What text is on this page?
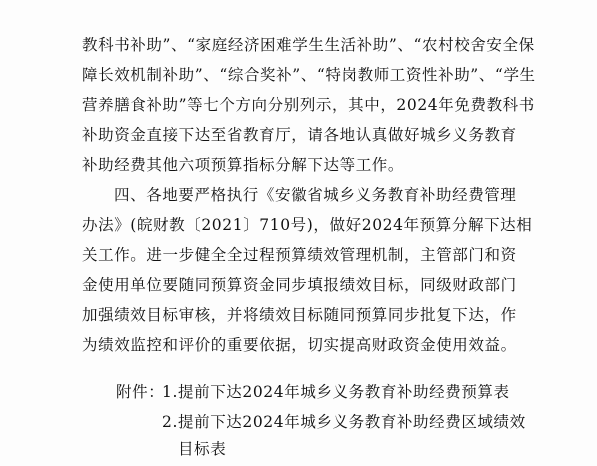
教科书补助”、“家庭经济困难学生生活补助”、“农村校舍安全保
障长效机制补助”、“综合奖补”、“特岗教师工资性补助”、“学生
营养膳食补助”等七个方向分别列示，其中，2024年免费教科书
补助资金直接下达至省教育厅，请各地认真做好城乡义务教育
补助经费其他六项预算指标分解下达等工作。
四、各地要严格执行《安徽省城乡义务教育补助经费管理
办法》(皖财教〔2021〕710号)，做好2024年预算分解下达相
关工作。进一步健全全过程预算绩效管理机制，主管部门和资
金使用单位要随同预算资金同步填报绩效目标，同级财政部门
加强绩效目标审核，并将绩效目标随同预算同步批复下达，作
为绩效监控和评价的重要依据，切实提高财政资金使用效益。
附件：
1.提前下达2024年城乡义务教育补助经费预算表
2.提前下达2024年城乡义务教育补助经费区域绩效
目标表
